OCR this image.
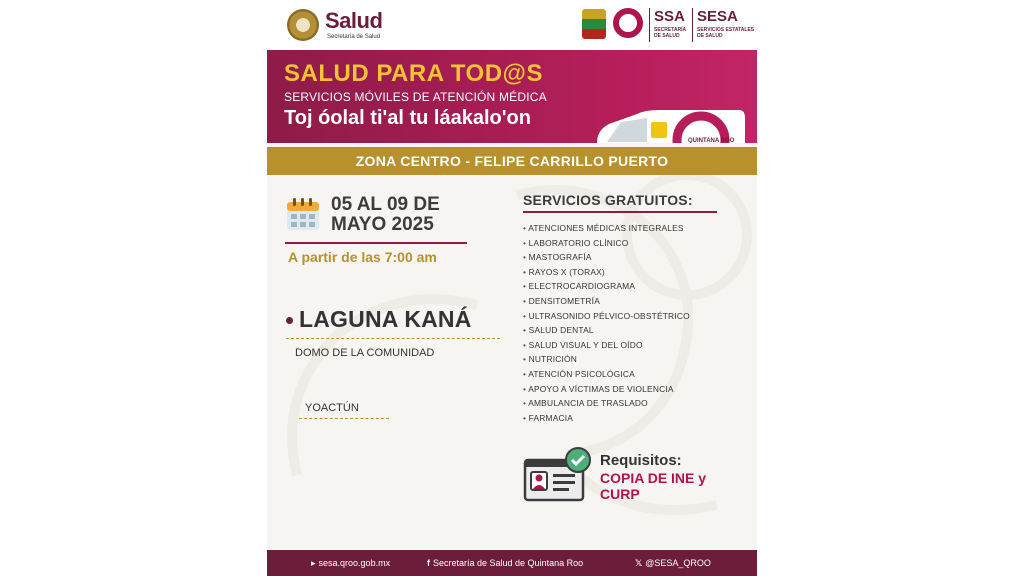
Salud
Secretaría de Salud
SSA
SECRETARÍA
DE SALUD
SESA
SERVICIOS ESTATALES
DE SALUD
SALUD PARA TOD@S
SERVICIOS MÓVILES DE ATENCIÓN MÉDICA
Toj óolal ti'al tu láakalo'on
QUINTANA ROO
ZONA CENTRO - FELIPE CARRILLO PUERTO
05 AL 09 DE
MAYO 2025
A partir de las 7:00 am
LAGUNA KANÁ
DOMO DE LA COMUNIDAD
YOACTÚN
SERVICIOS GRATUITOS:
• ATENCIONES MÉDICAS INTEGRALES
• LABORATORIO CLÍNICO
• MASTOGRAFÍA
• RAYOS X (TORAX)
• ELECTROCARDIOGRAMA
• DENSITOMETRÍA
• ULTRASONIDO PÉLVICO-OBSTÉTRICO
• SALUD DENTAL
• SALUD VISUAL Y DEL OÍDO
• NUTRICIÓN
• ATENCIÓN PSICOLÓGICA
• APOYO A VÍCTIMAS DE VIOLENCIA
• AMBULANCIA DE TRASLADO
• FARMACIA
Requisitos:
COPIA DE INE y CURP
▸ sesa.qroo.gob.mx	f Secretaría de Salud de Quintana Roo	𝕏 @SESA_QROO
